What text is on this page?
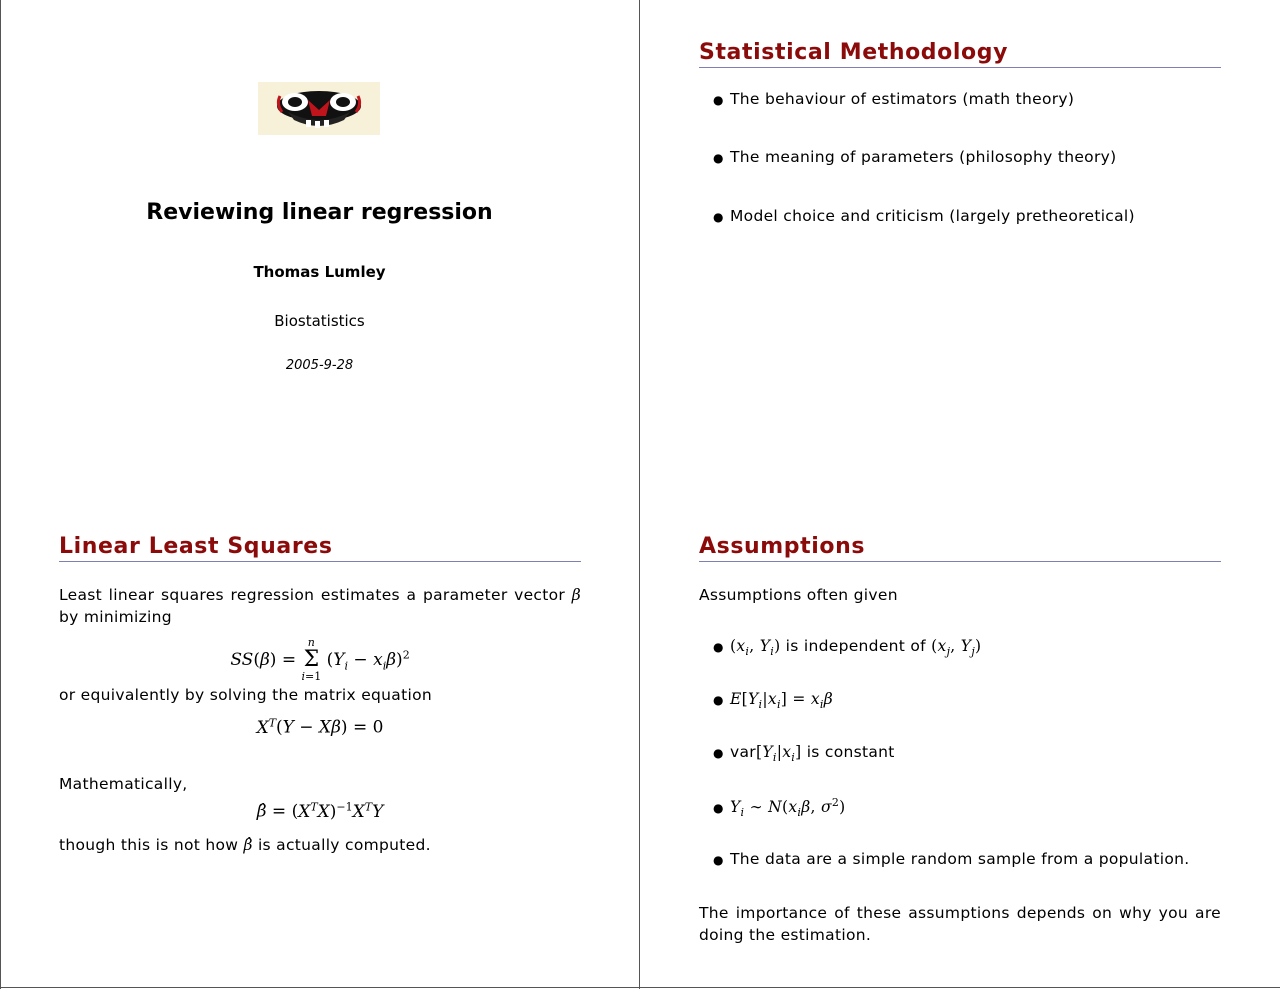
Reviewing linear regression
Thomas Lumley
Biostatistics
2005-9-28
Statistical Methodology
● The behaviour of estimators (math theory)
● The meaning of parameters (philosophy theory)
● Model choice and criticism (largely pretheoretical)
Linear Least Squares
Least linear squares regression estimates a parameter vector β
by minimizing
SS(β) = n
Σ
i=1 $(Y_i - x_i\beta)^2$
or equivalently by solving the matrix equation
$X^T(Y - X\beta) = 0$
Mathematically,
β̂ = $(X^TX)^{-1}X^TY$
though this is not how β̂ is actually computed.
Assumptions
Assumptions often given
● ($x_i$, $Y_i$) is independent of ($x_j$, $Y_j$)
● $E[Y_i|x_i] = x_i\beta$
● $var[Y_i|x_i]$ is constant
● $Y_i$ ∼ $N(x_i\beta$, $\sigma^2$)
● The data are a simple random sample from a population.
The importance of these assumptions depends on why you are
doing the estimation.
